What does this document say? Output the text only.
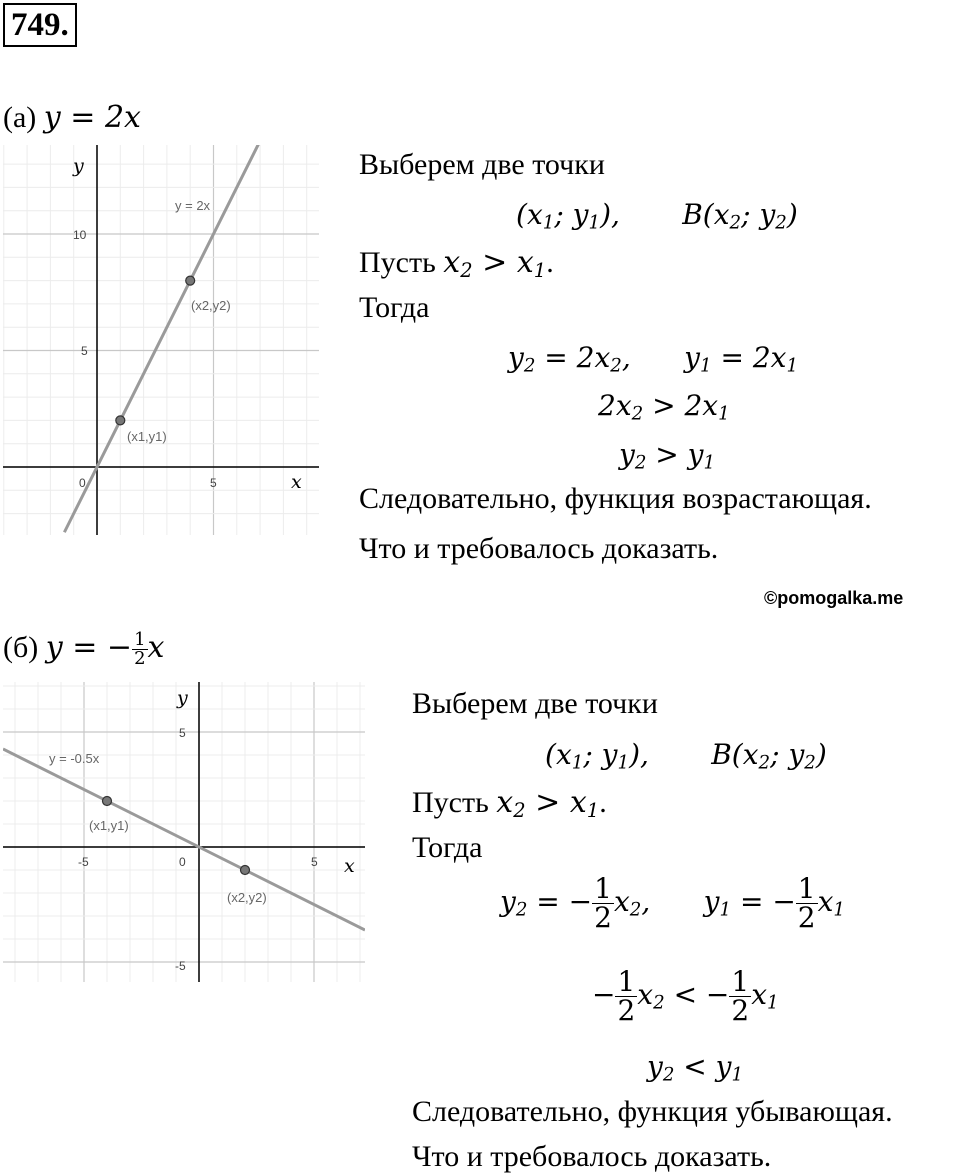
749.
(а) y = 2x
y
x
0	5
5
10
y = 2x
(x1,y1)
(x2,y2)
Выберем две точки
($x_1$; $y_1$),       $B(x_2$; $y_2$)
Пусть $x_2 > x_1$.
Тогда
$y_2 = 2x_2$,      $y_1 = 2x_1$
$2x_2 > 2x_1$
$y_2 > y_1$
Следовательно, функция возрастающая.
Что и требовалось доказать.
©pomogalka.me
(б) y = − $\frac{1}{2}$ x
y
x
0
-5	5
5
-5
y = -0.5x
(x1,y1)
(x2,y2)
Выберем две точки
($x_1$; $y_1$),       $B(x_2$; $y_2$)
Пусть $x_2 > x_1$.
Тогда
$y_2$ = − $\frac{1}{2} x_2$,      $y_1$ = − $\frac{1}{2} x_1$
− $\frac{1}{2} x_2$ < − $\frac{1}{2} x_1$
$y_2 < y_1$
Следовательно, функция убывающая.
Что и требовалось доказать.
